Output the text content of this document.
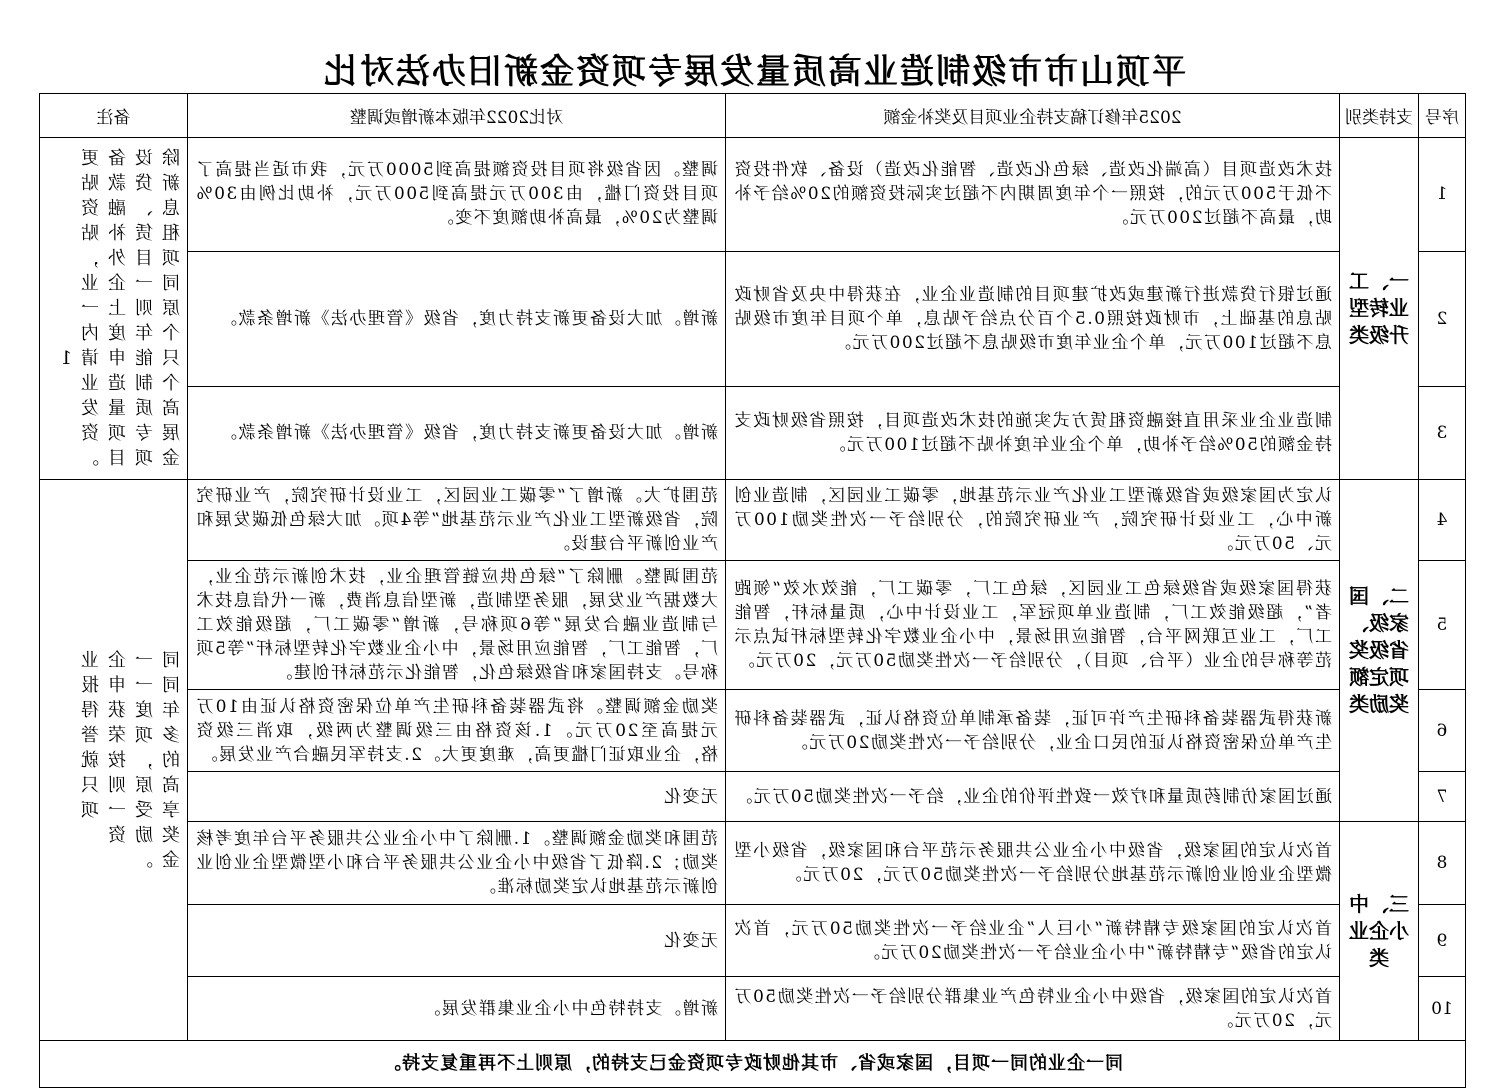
平顶山市市级制造业高质量发展专项资金新旧办法对比
序号	支持类别	2025年修订稿支持企业项目及奖补金额	对比2022年版本新增或调整	备注
1	一、工业转型升级类	技术改造项目（高端化改造、绿色化改造、智能化改造）设备、软件投资不低于500万元的，按照一个年度周期内不超过实际投资额的20%给予补助，最高不超过200万元。	调整。因省级将项目投资额提高到5000万元，我市适当提高了项目投资门槛，由300万元提高到500万元，补助比例由30%调整为20%，最高补助额度不变。	除设备更新贷款贴息、融资租赁补贴项目外，同一企业原则上一个年度内只能申请1个制造业高质量发展专项资金项目。
2		通过银行贷款进行新建或改扩建项目的制造业企业，在获得中央及省财政贴息的基础上，市财政按照0.5个百分点给予贴息，单个项目年度市级贴息不超过100万元，单个企业年度市级贴息不超过200万元。	新增。加大设备更新支持力度，省级《管理办法》新增条款。	
3		制造业企业采用直接融资租赁方式实施的技术改造项目，按照省级财政支持金额的50%给予补助，单个企业年度补贴不超过100万元。	新增。加大设备更新支持力度，省级《管理办法》新增条款。	
4	二、国家级、省级奖项定额奖励类	认定为国家级或省级新型工业化产业示范基地，零碳工业园区，制造业创新中心，工业设计研究院，产业研究院的，分别给予一次性奖励100万元、50万元。	范围扩大。新增了“零碳工业园区，工业设计研究院，产业研究院，省级新型工业化产业示范基地”等4项。加大绿色低碳发展和产业创新平台建设。	同一企业同一申报年度获得多项荣誉的，按就高原则只享受一项奖励资金。
5		获得国家级或省级绿色工业园区，绿色工厂，零碳工厂，能效水效“领跑者”，超级能效工厂，制造业单项冠军，工业设计中心，质量标杆，智能工厂，工业互联网平台，智能应用场景，中小企业数字化转型标杆试点示范等称号的企业（平台、项目），分别给予一次性奖励50万元，20万元。	范围调整。删除了“绿色供应链管理企业，技术创新示范企业，大数据产业发展，服务型制造，新型信息消费，新一代信息技术与制造业融合发展”等6项称号，新增“零碳工厂，超级能效工厂，智能工厂，智能应用场景，中小企业数字化转型标杆”等5项称号。支持国家和省级绿色化，智能化示范标杆创建。	
6		新获得武器装备科研生产许可证，装备承制单位资格认证，武器装备科研生产单位保密资格认证的民口企业，分别给予一次性奖励20万元。	奖励金额调整。将武器装备科研生产单位保密资格认证由10万元提高至20万元。1.该资格由三级调整为两级，取消三级资格，企业取证门槛更高，难度更大。2.支持军民融合产业发展。	
7		通过国家仿制药质量和疗效一致性评价的企业，给予一次性奖励50万元。	无变化	
8	三、中小企业类	首次认定的国家级，省级中小企业公共服务示范平台和国家级，省级小型微型企业创业创新示范基地分别给予一次性奖励50万元，20万元。	范围和奖励金额调整。1.删除了中小企业公共服务平台年度考核奖励；2.降低了省级中小企业公共服务平台和小型微型企业创业创新示范基地认定奖励标准。	
9		首次认定的国家级专精特新“小巨人”企业给予一次性奖励50万元，首次认定的省级“专精特新”中小企业给予一次性奖励20万元。	无变化	
10		首次认定的国家级，省级中小企业特色产业集群分别给予一次性奖励50万元，20万元。	新增。支持特色中小企业集群发展。	
同一企业的同一项目，国家或省、市其他财政专项资金已支持的，原则上不再重复支持。				
